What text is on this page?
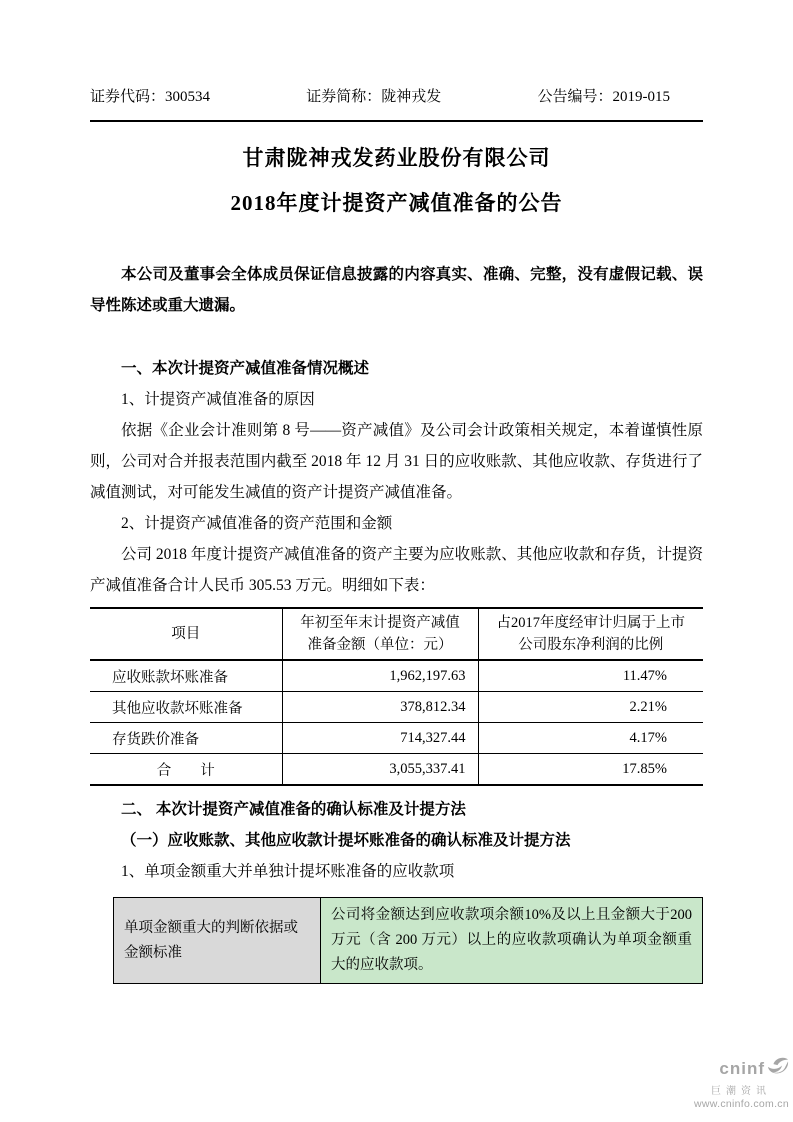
证券代码：300534	证券简称：陇神戎发	公告编号：2019-015
甘肃陇神戎发药业股份有限公司
2018年度计提资产减值准备的公告

本公司及董事会全体成员保证信息披露的内容真实、准确、完整，没有虚假记载、误导性陈述或重大遗漏。

一、本次计提资产减值准备情况概述

1、计提资产减值准备的原因

依据《企业会计准则第 8 号——资产减值》及公司会计政策相关规定，本着谨慎性原则，公司对合并报表范围内截至 2018 年 12 月 31 日的应收账款、其他应收款、存货进行了减值测试，对可能发生减值的资产计提资产减值准备。

2、计提资产减值准备的资产范围和金额

公司 2018 年度计提资产减值准备的资产主要为应收账款、其他应收款和存货，计提资产减值准备合计人民币 305.53 万元。明细如下表：

项目	年初至年末计提资产减值准备金额（单位：元）	占2017年度经审计归属于上市公司股东净利润的比例
应收账款坏账准备	1,962,197.63	11.47%
其他应收款坏账准备	378,812.34	2.21%
存货跌价准备	714,327.44	4.17%
合　　计	3,055,337.41	17.85%

二、 本次计提资产减值准备的确认标准及计提方法

（一）应收账款、其他应收款计提坏账准备的确认标准及计提方法

1、单项金额重大并单独计提坏账准备的应收款项

单项金额重大的判断依据或金额标准	公司将金额达到应收款项余额10%及以上且金额大于200万元（含 200 万元）以上的应收款项确认为单项金额重大的应收款项。
cninf
巨潮资讯
www.cninfo.com.cn
